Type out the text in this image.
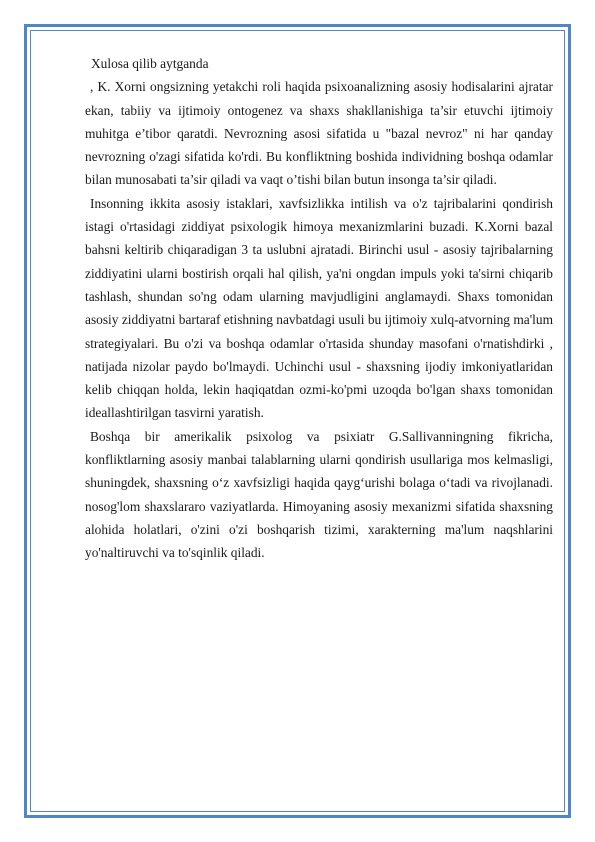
Xulosa qilib aytganda

, K. Xorni ongsizning yetakchi roli haqida psixoanalizning asosiy hodisalarini ajratar ekan, tabiiy va ijtimoiy ontogenez va shaxs shakllanishiga ta’sir etuvchi ijtimoiy muhitga e’tibor qaratdi. Nevrozning asosi sifatida u "bazal nevroz" ni har qanday nevrozning o'zagi sifatida ko'rdi. Bu konfliktning boshida individning boshqa odamlar bilan munosabati ta’sir qiladi va vaqt o’tishi bilan butun insonga ta’sir qiladi.

Insonning ikkita asosiy istaklari, xavfsizlikka intilish va o'z tajribalarini qondirish istagi o'rtasidagi ziddiyat psixologik himoya mexanizmlarini buzadi. K.Xorni bazal bahsni keltirib chiqaradigan 3 ta uslubni ajratadi. Birinchi usul - asosiy tajribalarning ziddiyatini ularni bostirish orqali hal qilish, ya'ni ongdan impuls yoki ta'sirni chiqarib tashlash, shundan so'ng odam ularning mavjudligini anglamaydi. Shaxs tomonidan asosiy ziddiyatni bartaraf etishning navbatdagi usuli bu ijtimoiy xulq-atvorning ma'lum strategiyalari. Bu o'zi va boshqa odamlar o'rtasida shunday masofani o'rnatishdirki , natijada nizolar paydo bo'lmaydi. Uchinchi usul - shaxsning ijodiy imkoniyatlaridan kelib chiqqan holda, lekin haqiqatdan ozmi-ko'pmi uzoqda bo'lgan shaxs tomonidan ideallashtirilgan tasvirni yaratish.

Boshqa bir amerikalik psixolog va psixiatr G.Sallivanningning fikricha, konfliktlarning asosiy manbai talablarning ularni qondirish usullariga mos kelmasligi, shuningdek, shaxsning o‘z xavfsizligi haqida qayg‘urishi bolaga o‘tadi va rivojlanadi. nosog'lom shaxslararo vaziyatlarda. Himoyaning asosiy mexanizmi sifatida shaxsning alohida holatlari, o'zini o'zi boshqarish tizimi, xarakterning ma'lum naqshlarini yo'naltiruvchi va to'sqinlik qiladi.
